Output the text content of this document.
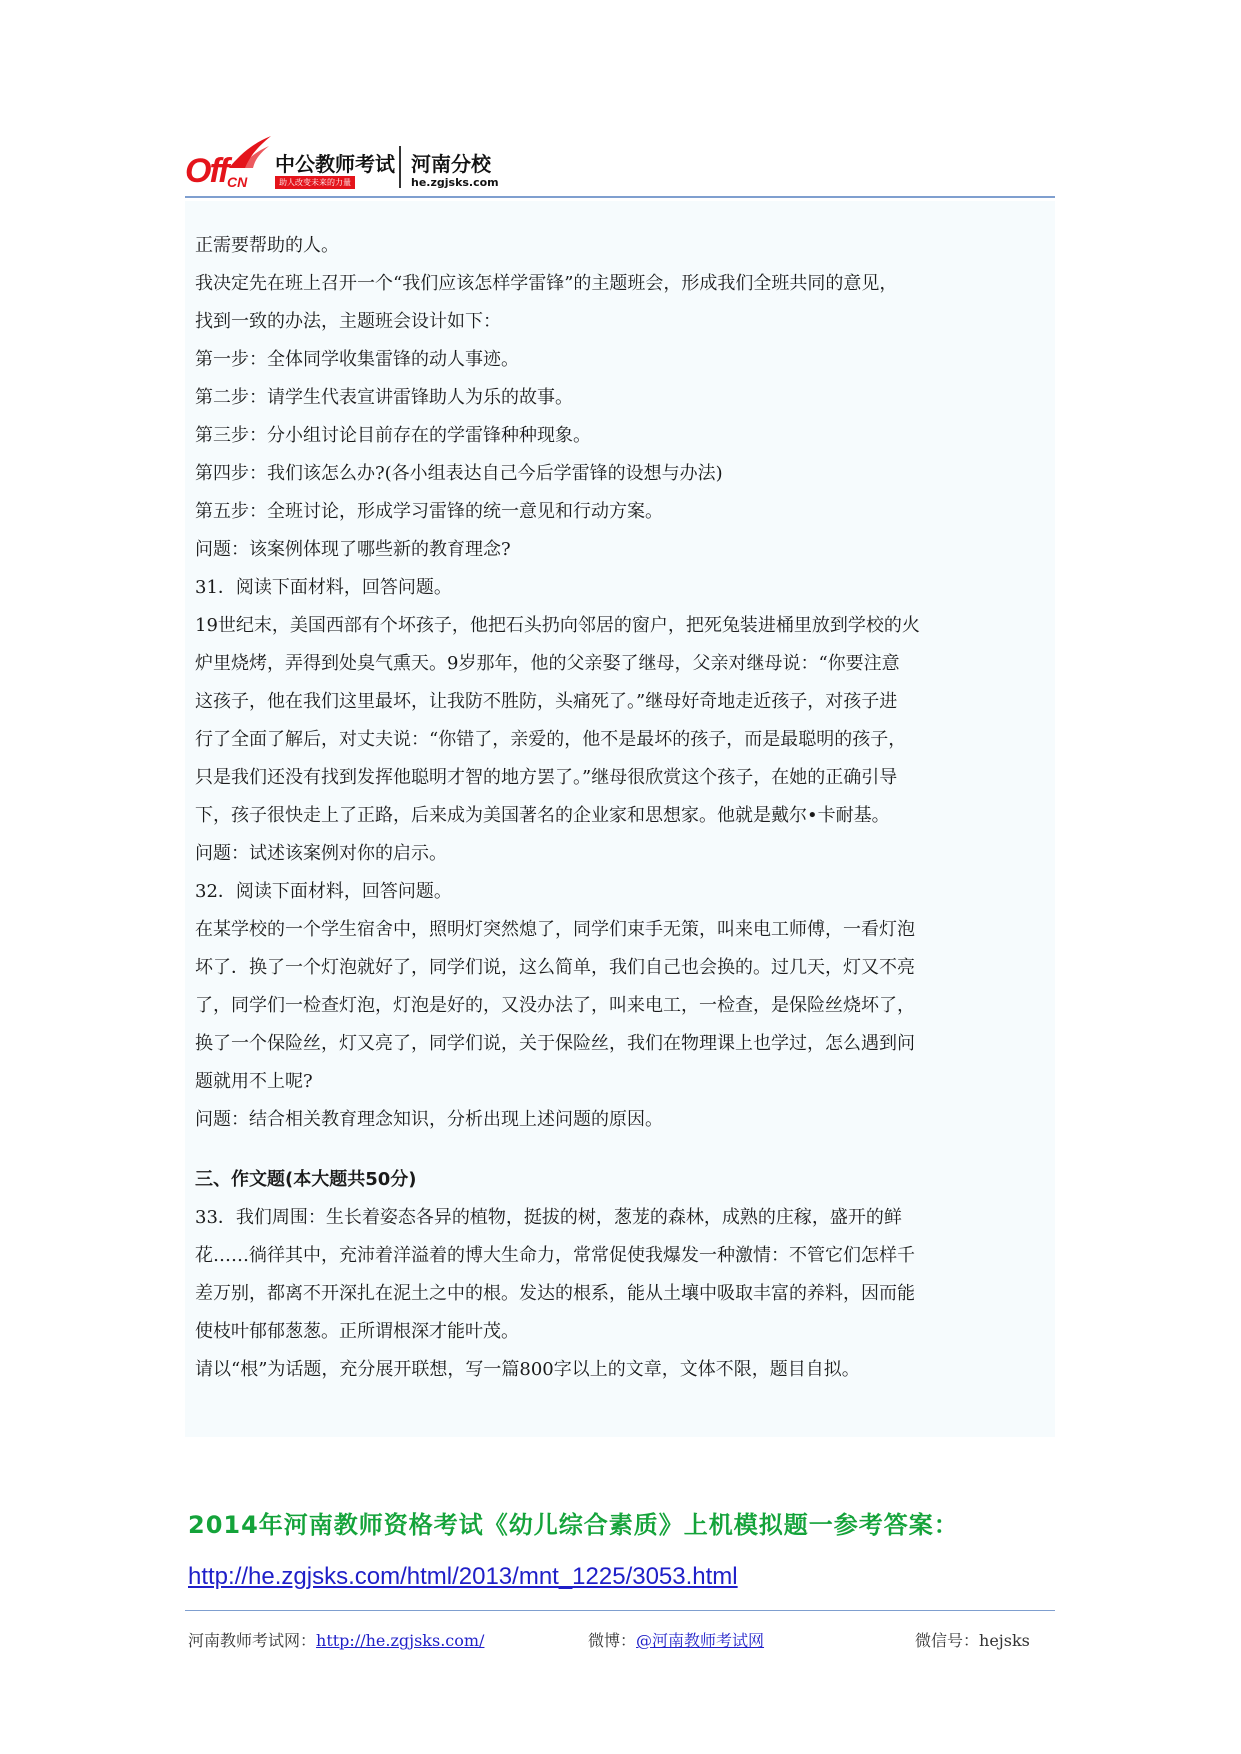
Off CN
中公教师考试
助人改变未来的力量
河南分校
he.zgjsks.com

正需要帮助的人。

我决定先在班上召开一个“我们应该怎样学雷锋”的主题班会，形成我们全班共同的意见，

找到一致的办法，主题班会设计如下：

第一步：全体同学收集雷锋的动人事迹。

第二步：请学生代表宣讲雷锋助人为乐的故事。

第三步：分小组讨论目前存在的学雷锋种种现象。

第四步：我们该怎么办?(各小组表达自己今后学雷锋的设想与办法)

第五步：全班讨论，形成学习雷锋的统一意见和行动方案。

问题：该案例体现了哪些新的教育理念?

31．阅读下面材料，回答问题。

19世纪末，美国西部有个坏孩子，他把石头扔向邻居的窗户，把死兔装进桶里放到学校的火

炉里烧烤，弄得到处臭气熏天。9岁那年，他的父亲娶了继母，父亲对继母说：“你要注意

这孩子，他在我们这里最坏，让我防不胜防，头痛死了。”继母好奇地走近孩子，对孩子进

行了全面了解后，对丈夫说：“你错了，亲爱的，他不是最坏的孩子，而是最聪明的孩子，

只是我们还没有找到发挥他聪明才智的地方罢了。”继母很欣赏这个孩子，在她的正确引导

下，孩子很快走上了正路，后来成为美国著名的企业家和思想家。他就是戴尔•卡耐基。

问题：试述该案例对你的启示。

32．阅读下面材料，回答问题。

在某学校的一个学生宿舍中，照明灯突然熄了，同学们束手无策，叫来电工师傅，一看灯泡

坏了．换了一个灯泡就好了，同学们说，这么简单，我们自己也会换的。过几天，灯又不亮

了，同学们一检查灯泡，灯泡是好的，又没办法了，叫来电工，一检查，是保险丝烧坏了，

换了一个保险丝，灯又亮了，同学们说，关于保险丝，我们在物理课上也学过，怎么遇到问

题就用不上呢?

问题：结合相关教育理念知识，分析出现上述问题的原因。

三、作文题(本大题共50分)

33．我们周围：生长着姿态各异的植物，挺拔的树，葱茏的森林，成熟的庄稼，盛开的鲜

花……徜徉其中，充沛着洋溢着的博大生命力，常常促使我爆发一种激情：不管它们怎样千

差万别，都离不开深扎在泥土之中的根。发达的根系，能从土壤中吸取丰富的养料，因而能

使枝叶郁郁葱葱。正所谓根深才能叶茂。

请以“根”为话题，充分展开联想，写一篇800字以上的文章，文体不限，题目自拟。

2014年河南教师资格考试《幼儿综合素质》上机模拟题一参考答案：
http://he.zgjsks.com/html/2013/mnt_1225/3053.html
河南教师考试网：http://he.zgjsks.com/	微博：@河南教师考试网	微信号：hejsks
